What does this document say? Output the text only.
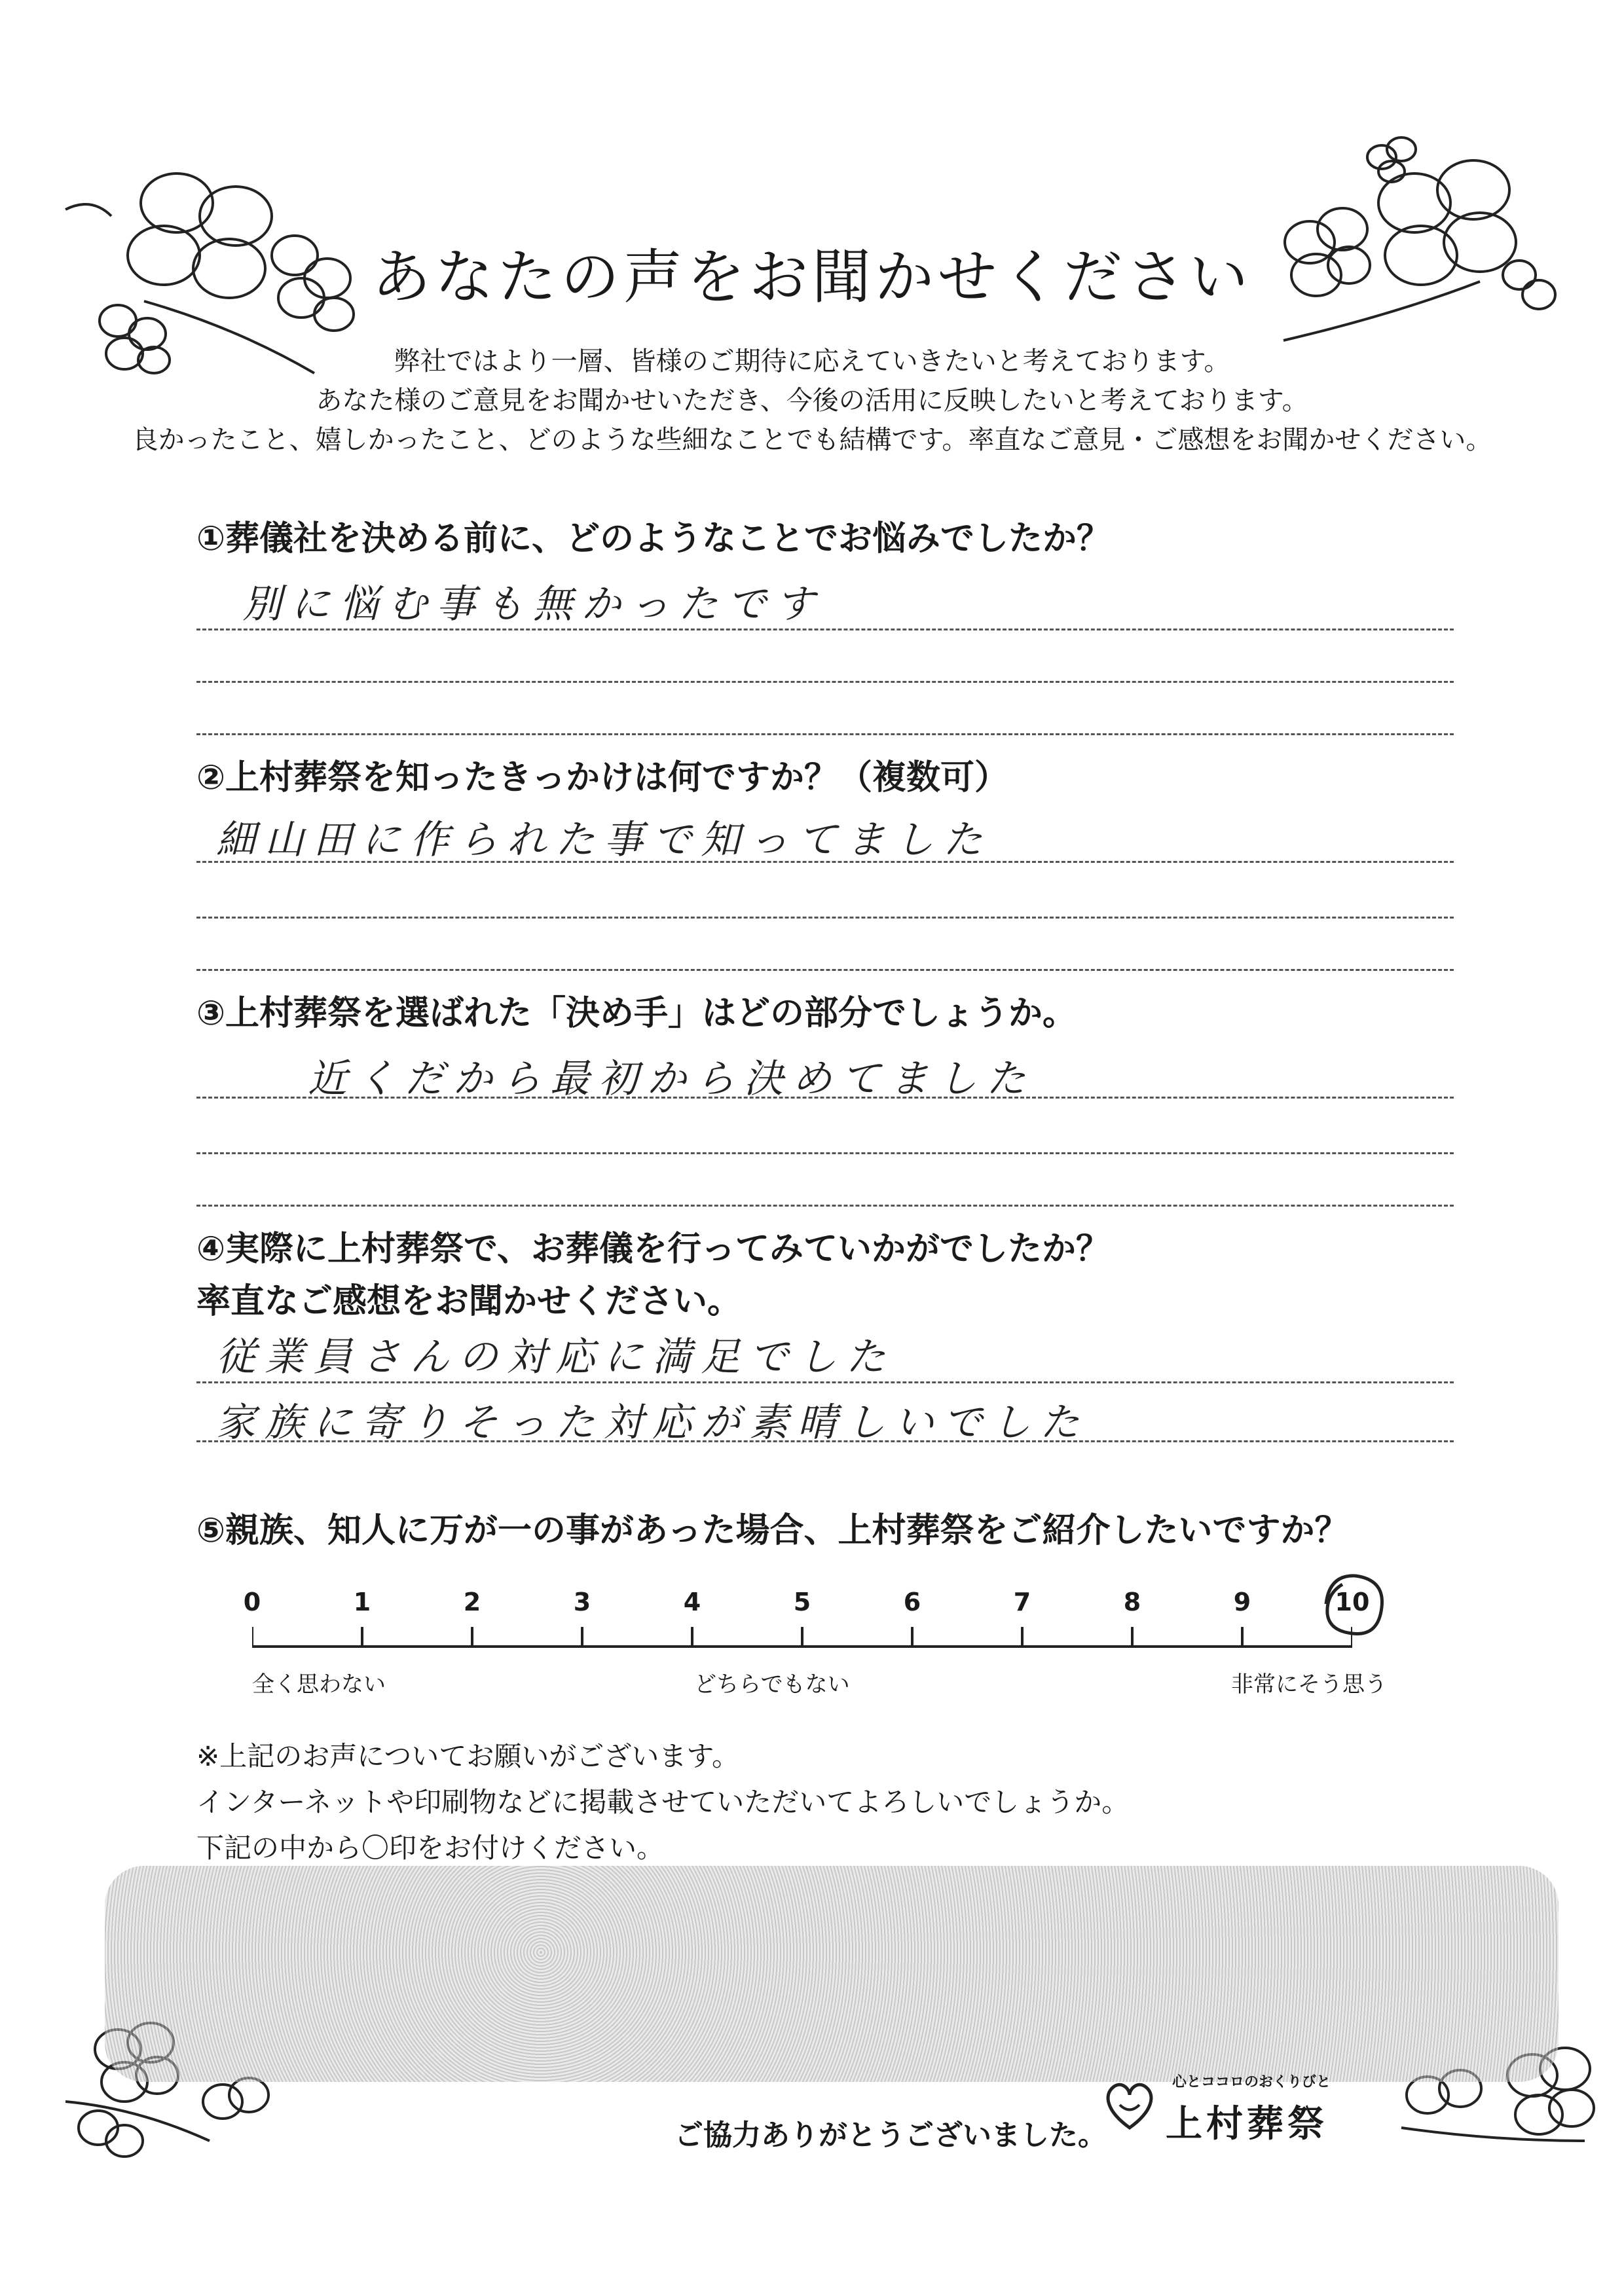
あなたの声をお聞かせください
弊社ではより一層、皆様のご期待に応えていきたいと考えております。
あなた様のご意見をお聞かせいただき、今後の活用に反映したいと考えております。
良かったこと、嬉しかったこと、どのような些細なことでも結構です。率直なご意見・ご感想をお聞かせください。
①葬儀社を決める前に、どのようなことでお悩みでしたか？
別に悩む事も無かったです
②上村葬祭を知ったきっかけは何ですか？（複数可）
細山田に作られた事で知ってました
③上村葬祭を選ばれた「決め手」はどの部分でしょうか。
近くだから最初から決めてました
④実際に上村葬祭で、お葬儀を行ってみていかがでしたか？
率直なご感想をお聞かせください。
従業員さんの対応に満足でした
家族に寄りそった対応が素晴しいでした
⑤親族、知人に万が一の事があった場合、上村葬祭をご紹介したいですか？
0	1	2	3	4	5	6	7	8	9	10
全く思わない	どちらでもない	非常にそう思う
※上記のお声についてお願いがございます。
インターネットや印刷物などに掲載させていただいてよろしいでしょうか。
下記の中から〇印をお付けください。
ご協力ありがとうございました。
心とココロのおくりびと
上村葬祭
